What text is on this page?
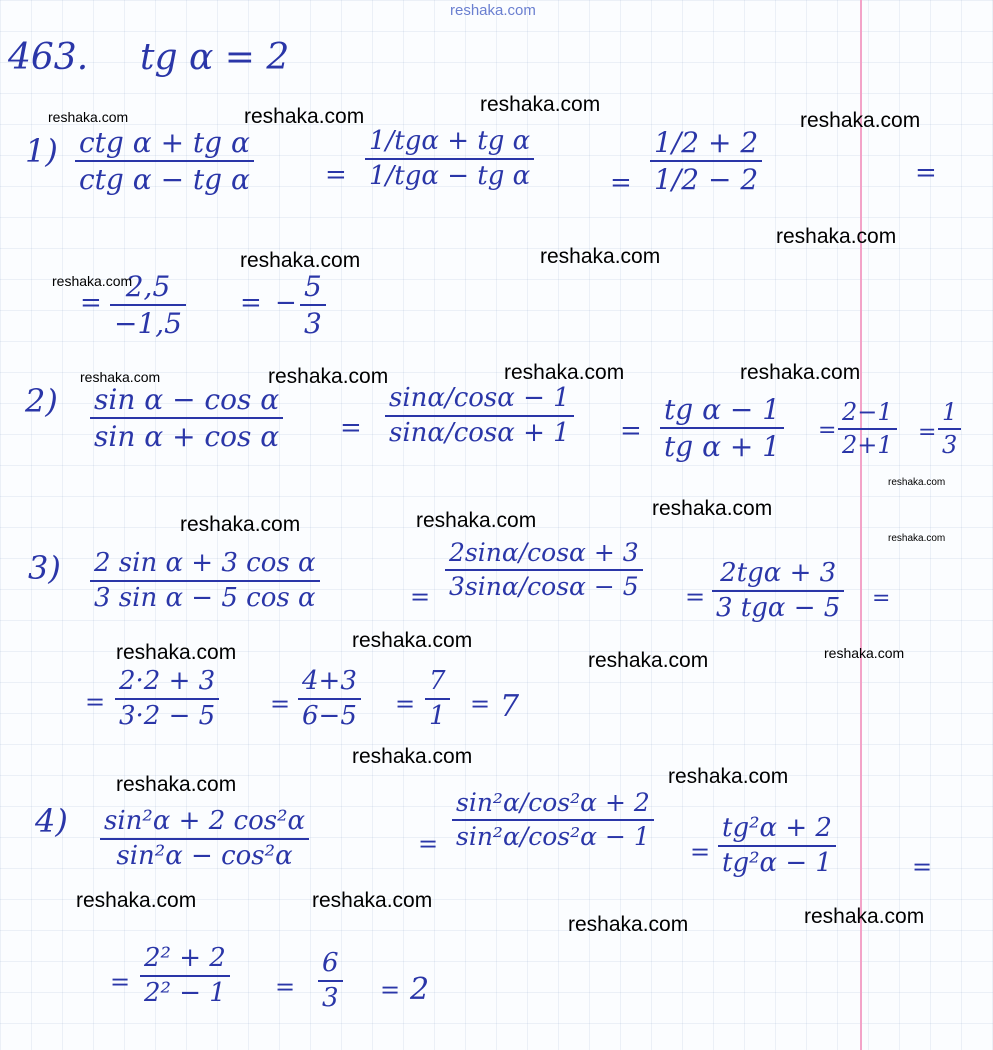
reshaka.com
463. tg α = 2
1) ctg α + tg α
ctg α − tg α	=
1/tgα + tg α
1/tgα − tg α	=
1/2 + 2
1/2 − 2	=
= 2,5
−1,5
= − 5
3
2) sin α − cos α
sin α + cos α =
sinα/cosα − 1
sinα/cosα + 1 =
tg α − 1
tg α + 1 =
2−1
2+1 =
1
3
3) 2 sin α + 3 cos α
3 sin α − 5 cos α	=
2sinα/cosα + 3
3sinα/cosα − 5 =
2tgα + 3
3 tgα − 5 =
=
2·2 + 3
3·2 − 5 =
4+3
6−5 =
7
1 = 7
4) sin²α + 2 cos²α
sin²α − cos²α	=
sin²α/cos²α + 2
sin²α/cos²α − 1
=
tg²α + 2
tg²α − 1	=
=
2² + 2
2² − 1 =
6
3 = 2
reshaka.com	reshaka.com
reshaka.com
reshaka.com
reshaka.com
reshaka.com	reshaka.com
reshaka.com
reshaka.com	reshaka.com	reshaka.com	reshaka.com
reshaka.com
reshaka.com
reshaka.com	reshaka.com
reshaka.com
reshaka.com
reshaka.com	reshaka.com	reshaka.com
reshaka.com
reshaka.com
reshaka.com
reshaka.com	reshaka.com
reshaka.com
reshaka.com
